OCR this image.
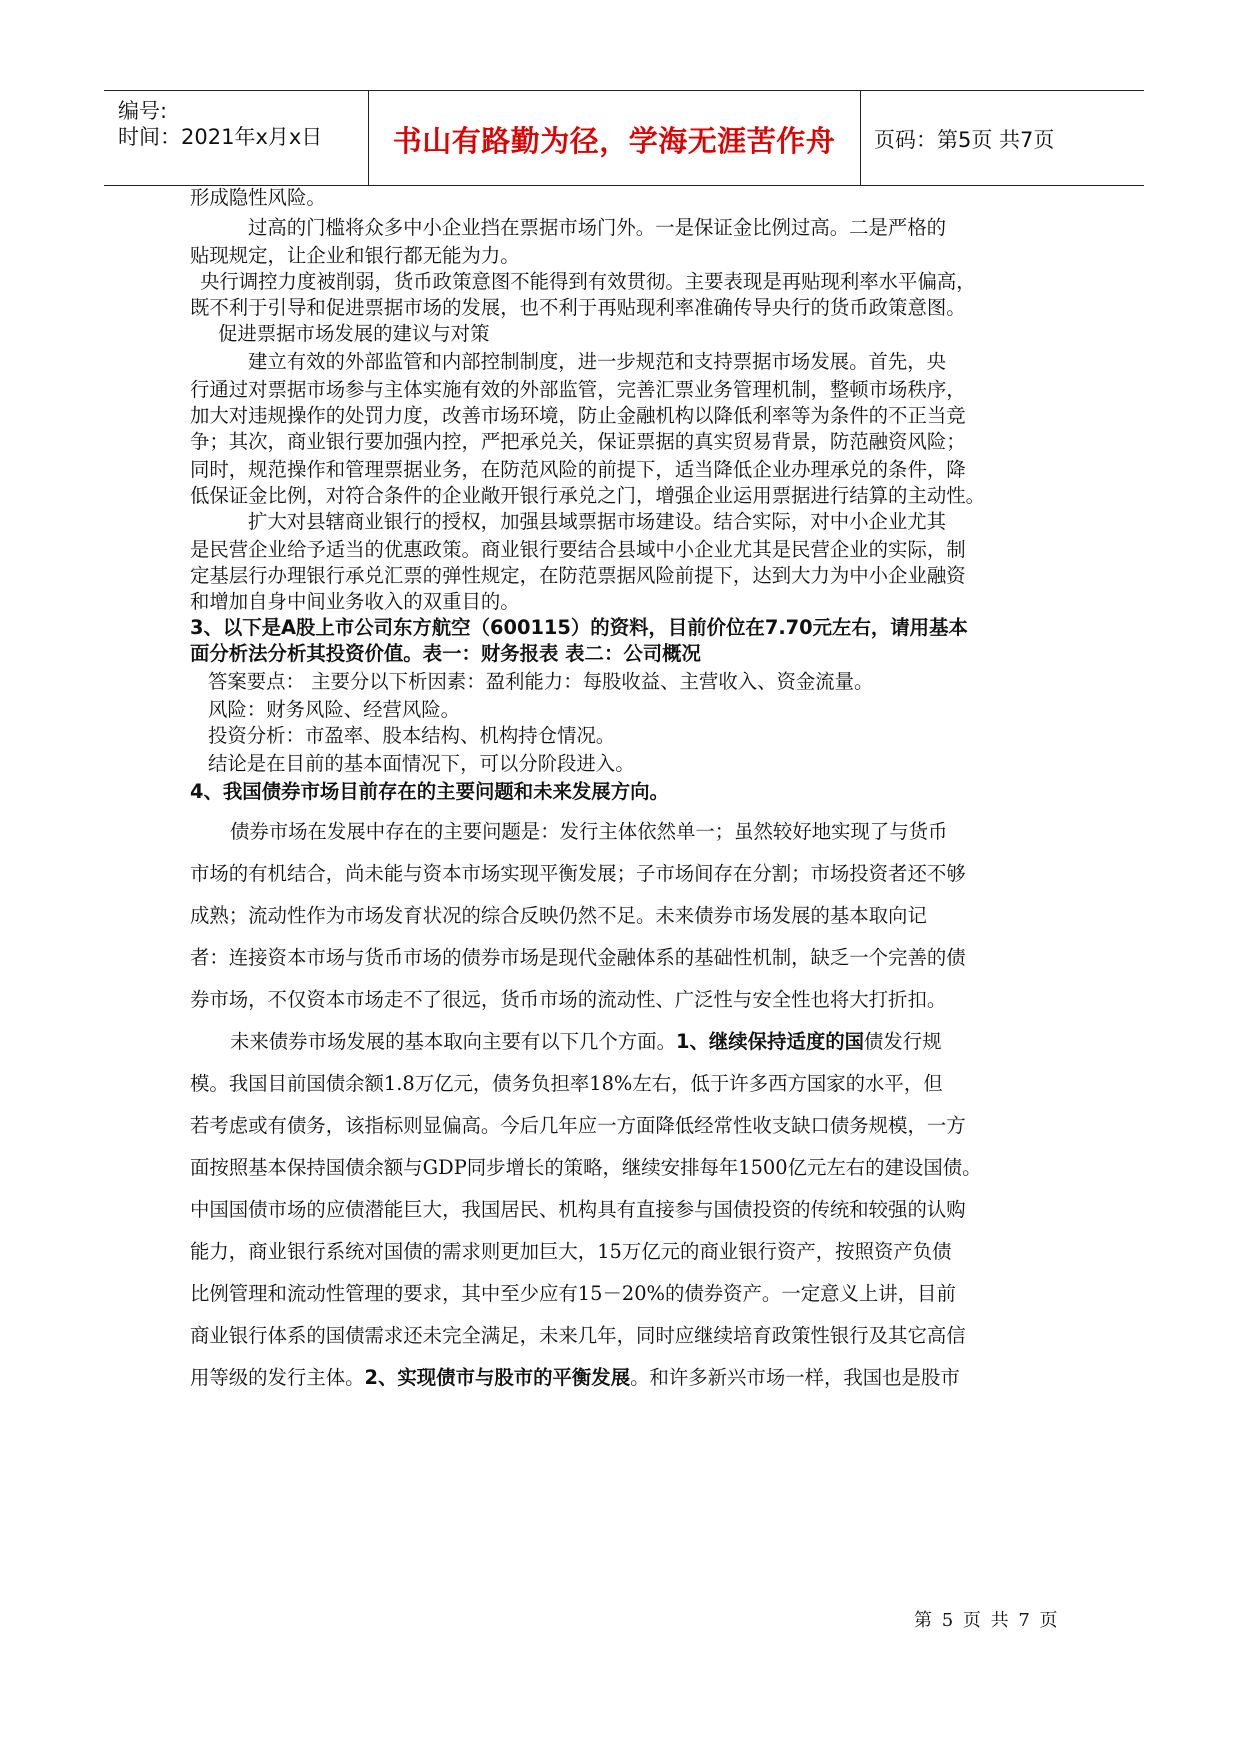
编号:
时间：2021年x月x日	书山有路勤为径，学海无涯苦作舟	页码：第5页 共7页
形成隐性风险。
过高的门槛将众多中小企业挡在票据市场门外。一是保证金比例过高。二是严格的
贴现规定，让企业和银行都无能为力。
央行调控力度被削弱，货币政策意图不能得到有效贯彻。主要表现是再贴现利率水平偏高，
既不利于引导和促进票据市场的发展，也不利于再贴现利率准确传导央行的货币政策意图。
促进票据市场发展的建议与对策
建立有效的外部监管和内部控制制度，进一步规范和支持票据市场发展。首先，央
行通过对票据市场参与主体实施有效的外部监管，完善汇票业务管理机制，整顿市场秩序，
加大对违规操作的处罚力度，改善市场环境，防止金融机构以降低利率等为条件的不正当竞
争；其次，商业银行要加强内控，严把承兑关，保证票据的真实贸易背景，防范融资风险；
同时，规范操作和管理票据业务，在防范风险的前提下，适当降低企业办理承兑的条件，降
低保证金比例，对符合条件的企业敞开银行承兑之门，增强企业运用票据进行结算的主动性。
扩大对县辖商业银行的授权，加强县域票据市场建设。结合实际，对中小企业尤其
是民营企业给予适当的优惠政策。商业银行要结合县域中小企业尤其是民营企业的实际，制
定基层行办理银行承兑汇票的弹性规定，在防范票据风险前提下，达到大力为中小企业融资
和增加自身中间业务收入的双重目的。
3、以下是A股上市公司东方航空（600115）的资料，目前价位在7.70元左右，请用基本
面分析法分析其投资价值。表一：财务报表 表二：公司概况
答案要点： 主要分以下析因素：盈利能力：每股收益、主营收入、资金流量。
风险：财务风险、经营风险。
投资分析：市盈率、股本结构、机构持仓情况。
结论是在目前的基本面情况下，可以分阶段进入。
4、我国债券市场目前存在的主要问题和未来发展方向。
债券市场在发展中存在的主要问题是：发行主体依然单一；虽然较好地实现了与货币
市场的有机结合，尚未能与资本市场实现平衡发展；子市场间存在分割；市场投资者还不够
成熟；流动性作为市场发育状况的综合反映仍然不足。未来债券市场发展的基本取向记
者：连接资本市场与货币市场的债券市场是现代金融体系的基础性机制，缺乏一个完善的债
券市场，不仅资本市场走不了很远，货币市场的流动性、广泛性与安全性也将大打折扣。
未来债券市场发展的基本取向主要有以下几个方面。1、继续保持适度的国债发行规
模。我国目前国债余额1.8万亿元，债务负担率18%左右，低于许多西方国家的水平，但
若考虑或有债务，该指标则显偏高。今后几年应一方面降低经常性收支缺口债务规模，一方
面按照基本保持国债余额与GDP同步增长的策略，继续安排每年1500亿元左右的建设国债。
中国国债市场的应债潜能巨大，我国居民、机构具有直接参与国债投资的传统和较强的认购
能力，商业银行系统对国债的需求则更加巨大，15万亿元的商业银行资产，按照资产负债
比例管理和流动性管理的要求，其中至少应有15－20%的债券资产。一定意义上讲，目前
商业银行体系的国债需求还未完全满足，未来几年，同时应继续培育政策性银行及其它高信
用等级的发行主体。2、实现债市与股市的平衡发展。和许多新兴市场一样，我国也是股市
第 5 页 共 7 页
